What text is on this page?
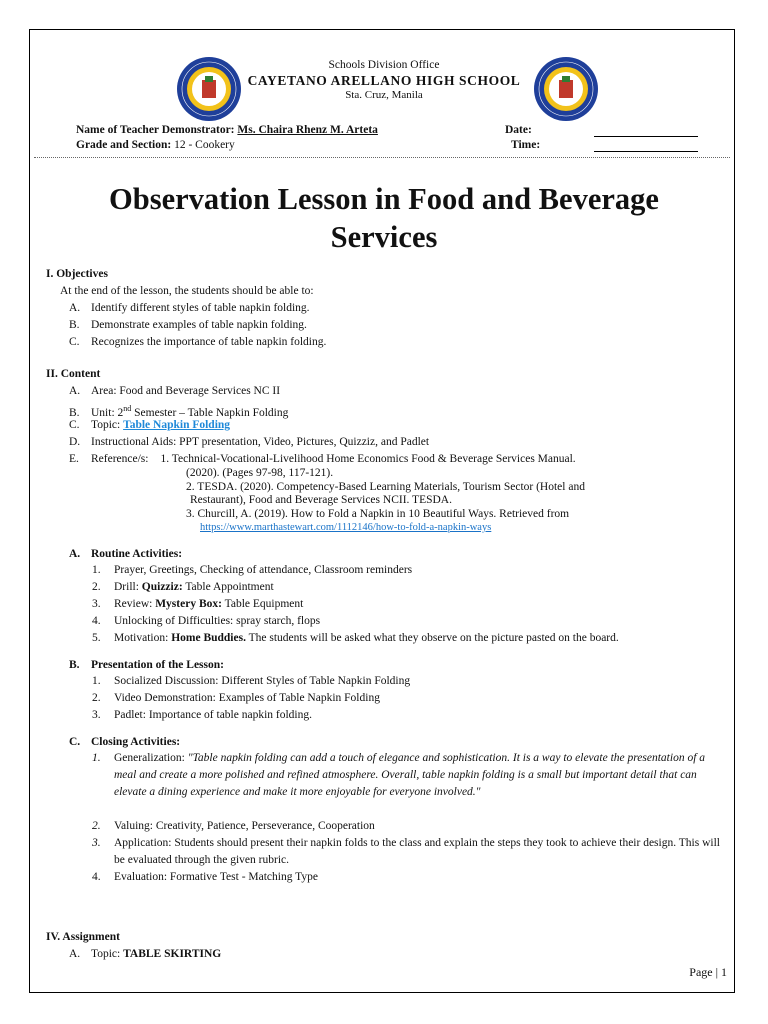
Schools Division Office
CAYETANO ARELLANO HIGH SCHOOL
Sta. Cruz, Manila
Name of Teacher Demonstrator: Ms. Chaira Rhenz M. Arteta
Grade and Section: 12 - Cookery
Date:
Time:
Observation Lesson in Food and Beverage
Services
I. Objectives
At the end of the lesson, the students should be able to:
A. Identify different styles of table napkin folding.
B. Demonstrate examples of table napkin folding.
C. Recognizes the importance of table napkin folding.
II. Content
A. Area: Food and Beverage Services NC II
B. Unit: 2nd Semester – Table Napkin Folding
C. Topic: Table Napkin Folding
D. Instructional Aids: PPT presentation, Video, Pictures, Quizziz, and Padlet
E. Reference/s: 1. Technical-Vocational-Livelihood Home Economics Food & Beverage Services Manual.
(2020). (Pages 97-98, 117-121).
2. TESDA. (2020). Competency-Based Learning Materials, Tourism Sector (Hotel and
Restaurant), Food and Beverage Services NCII. TESDA.
3. Churcill, A. (2019). How to Fold a Napkin in 10 Beautiful Ways. Retrieved from
https://www.marthastewart.com/1112146/how-to-fold-a-napkin-ways
A. Routine Activities:
1. Prayer, Greetings, Checking of attendance, Classroom reminders
2. Drill: Quizziz: Table Appointment
3. Review: Mystery Box: Table Equipment
4. Unlocking of Difficulties: spray starch, flops
5. Motivation: Home Buddies. The students will be asked what they observe on the picture pasted on the board.
B. Presentation of the Lesson:
1. Socialized Discussion: Different Styles of Table Napkin Folding
2. Video Demonstration: Examples of Table Napkin Folding
3. Padlet: Importance of table napkin folding.
C. Closing Activities:
1. Generalization: "Table napkin folding can add a touch of elegance and sophistication. It is a way to elevate the presentation of a meal and create a more polished and refined atmosphere. Overall, table napkin folding is a small but important detail that can elevate a dining experience and make it more enjoyable for everyone involved."
2. Valuing: Creativity, Patience, Perseverance, Cooperation
3. Application: Students should present their napkin folds to the class and explain the steps they took to achieve their design. This will be evaluated through the given rubric.
4. Evaluation: Formative Test - Matching Type
IV. Assignment
A. Topic: TABLE SKIRTING
Page | 1
